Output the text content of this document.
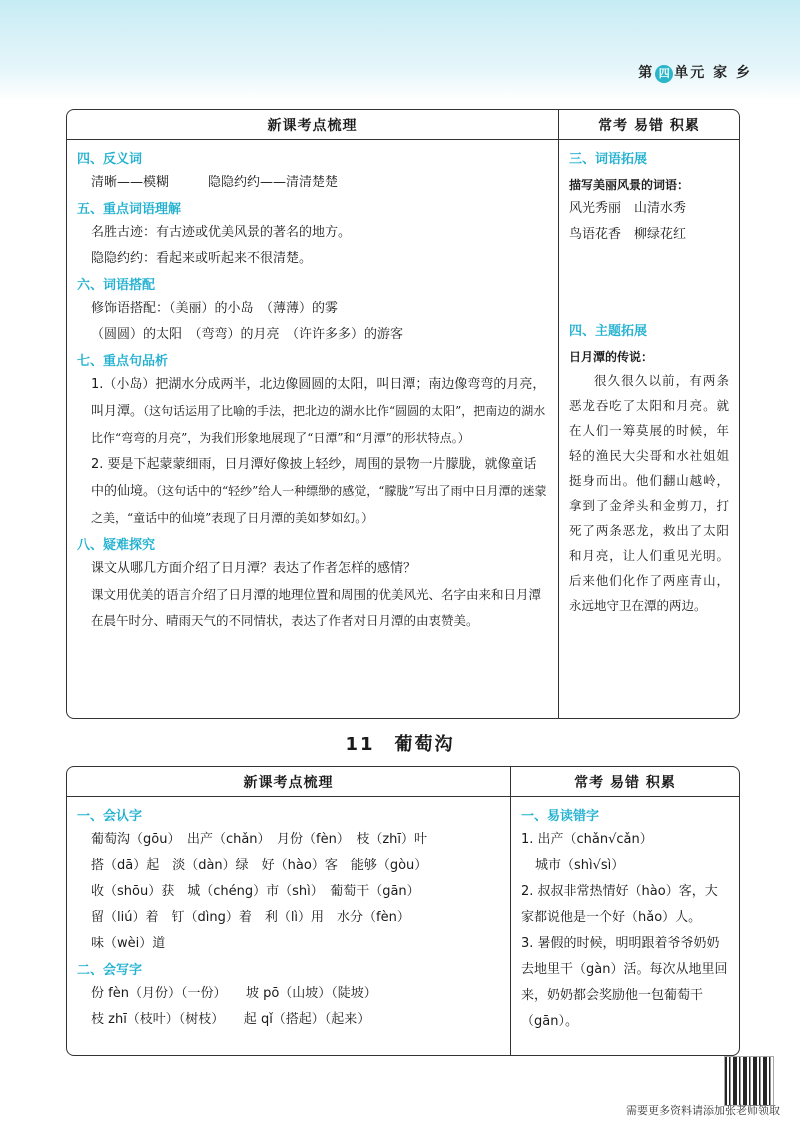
第 四 单元 家 乡
新课考点梳理	常考 易错 积累
四、反义词
清晰——模糊　　　隐隐约约——清清楚楚
五、重点词语理解
名胜古迹：有古迹或优美风景的著名的地方。
隐隐约约：看起来或听起来不很清楚。
六、词语搭配
修饰语搭配：（美丽）的小岛　（薄薄）的雾
（圆圆）的太阳　（弯弯）的月亮　（许许多多）的游客
七、重点句品析
1.（小岛）把湖水分成两半，北边像圆圆的太阳，叫日潭；南边像弯弯的月亮，叫月潭。（这句话运用了比喻的手法，把北边的湖水比作“圆圆的太阳”，把南边的湖水比作“弯弯的月亮”，为我们形象地展现了“日潭”和“月潭”的形状特点。）
2. 要是下起蒙蒙细雨，日月潭好像披上轻纱，周围的景物一片朦胧，就像童话中的仙境。（这句话中的“轻纱”给人一种缥缈的感觉，“朦胧”写出了雨中日月潭的迷蒙之美，“童话中的仙境”表现了日月潭的美如梦如幻。）
八、疑难探究
课文从哪几方面介绍了日月潭？表达了作者怎样的感情？
课文用优美的语言介绍了日月潭的地理位置和周围的优美风光、名字由来和日月潭在晨午时分、晴雨天气的不同情状，表达了作者对日月潭的由衷赞美。
三、词语拓展
描写美丽风景的词语：
风光秀丽　山清水秀
鸟语花香　柳绿花红
四、主题拓展
日月潭的传说：
很久很久以前，有两条恶龙吞吃了太阳和月亮。就在人们一筹莫展的时候，年轻的渔民大尖哥和水社姐姐挺身而出。他们翻山越岭，拿到了金斧头和金剪刀，打死了两条恶龙，救出了太阳和月亮，让人们重见光明。后来他们化作了两座青山，永远地守卫在潭的两边。
11　葡萄沟
新课考点梳理	常考 易错 积累
一、会认字
葡萄沟（gōu）　出产（chǎn）　月份（fèn）　枝（zhī）叶
搭（dā）起　淡（dàn）绿　好（hào）客　能够（gòu）
收（shōu）获　城（chéng）市（shì）　葡萄干（gān）
留（liú）着　钉（dìng）着　利（lì）用　水分（fèn）
味（wèi）道
二、会写字
份 fèn（月份）（一份）　　坡 pō（山坡）（陡坡）
枝 zhī（枝叶）（树枝）　　起 qǐ（搭起）（起来）
一、易读错字
1. 出产（chǎn√cǎn）
城市（shì√sì）
2. 叔叔非常热情好（hào）客，大家都说他是一个好（hǎo）人。
3. 暑假的时候，明明跟着爷爷奶奶去地里干（gàn）活。每次从地里回来，奶奶都会奖励他一包葡萄干（gān）。
需要更多资料请添加张老师领取
